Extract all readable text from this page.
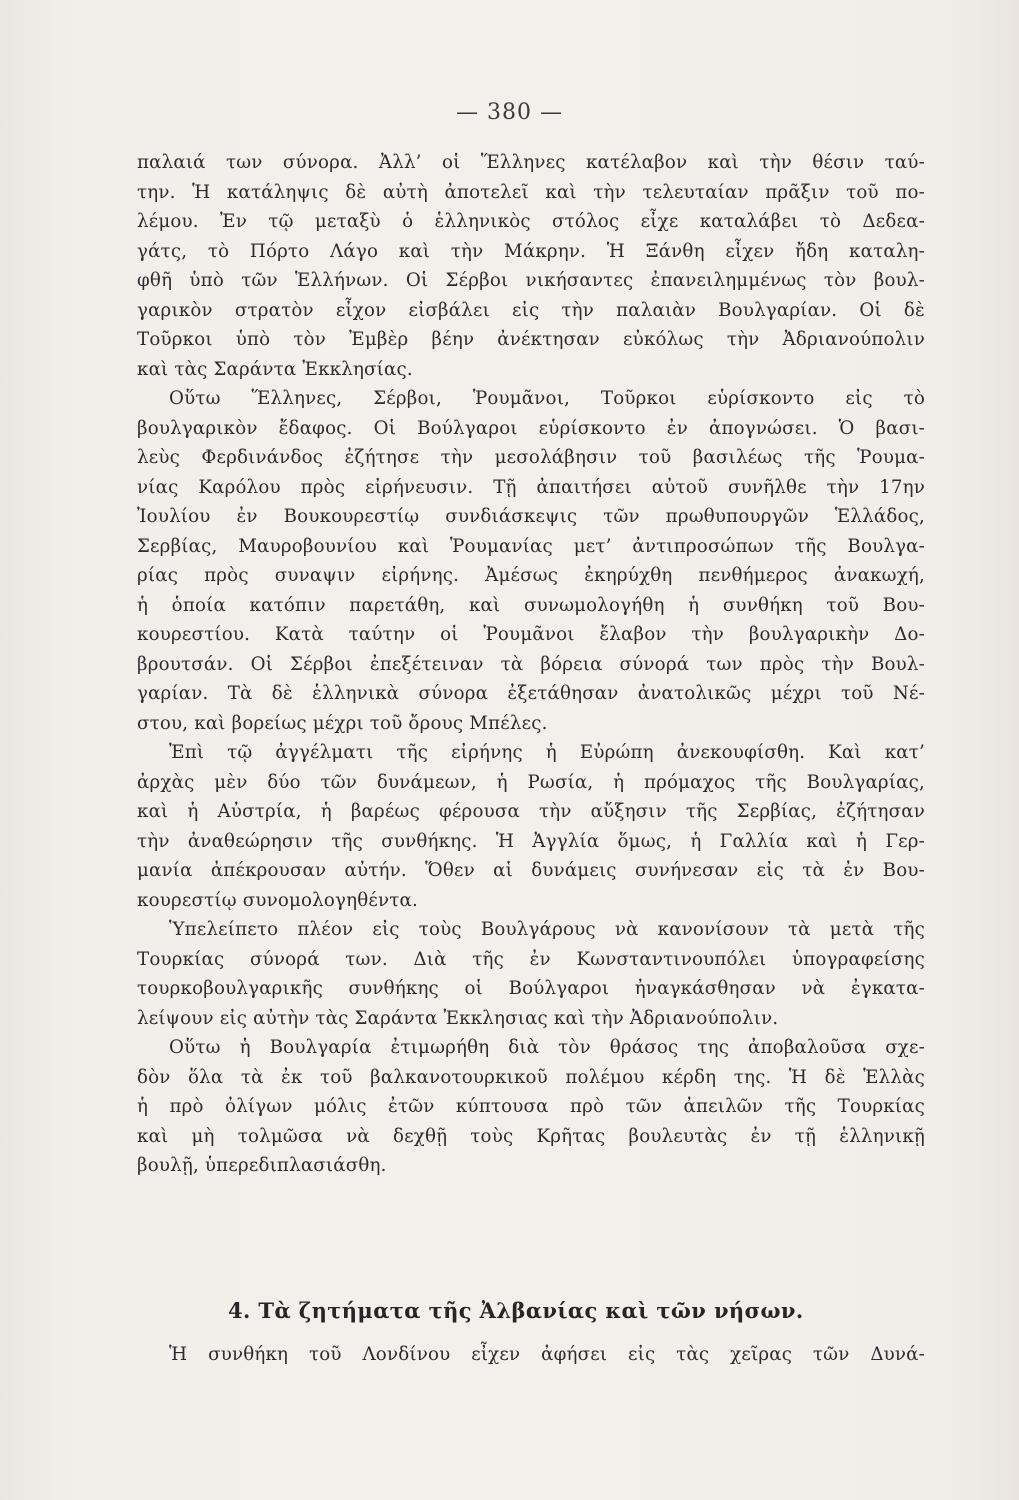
— 380 —
παλαιά των σύνορα. Ἀλλ’ οἱ Ἕλληνες κατέλαβον καὶ τὴν θέσιν ταύ-
την. Ἡ κατάληψις δὲ αὐτὴ ἀποτελεῖ καὶ τὴν τελευταίαν πρᾶξιν τοῦ πο-
λέμου. Ἐν τῷ μεταξὺ ὁ ἑλληνικὸς στόλος εἶχε καταλάβει τὸ Δεδεα-
γάτς, τὸ Πόρτο Λάγο καὶ τὴν Μάκρην. Ἡ Ξάνθη εἶχεν ἤδη καταλη-
φθῆ ὑπὸ τῶν Ἑλλήνων. Οἱ Σέρβοι νικήσαντες ἐπανειλημμένως τὸν βουλ-
γαρικὸν στρατὸν εἶχον εἰσβάλει εἰς τὴν παλαιὰν Βουλγαρίαν. Οἱ δὲ
Τοῦρκοι ὑπὸ τὸν Ἐμβὲρ βέην ἀνέκτησαν εὐκόλως τὴν Ἀδριανούπολιν
καὶ τὰς Σαράντα Ἐκκλησίας.
Οὕτω Ἕλληνες, Σέρβοι, Ῥουμᾶνοι, Τοῦρκοι εὑρίσκοντο εἰς τὸ
βουλγαρικὸν ἔδαφος. Οἱ Βούλγαροι εὑρίσκοντο ἐν ἀπογνώσει. Ὁ βασι-
λεὺς Φερδινάνδος ἐζήτησε τὴν μεσολάβησιν τοῦ βασιλέως τῆς Ῥουμα-
νίας Καρόλου πρὸς εἰρήνευσιν. Τῇ ἀπαιτήσει αὐτοῦ συνῆλθε τὴν 17ην
Ἰουλίου ἐν Βουκουρεστίῳ συνδιάσκεψις τῶν πρωθυπουργῶν Ἑλλάδος,
Σερβίας, Μαυροβουνίου καὶ Ῥουμανίας μετ’ ἀντιπροσώπων τῆς Βουλγα-
ρίας πρὸς συναψιν εἰρήνης. Ἀμέσως ἐκηρύχθη πενθήμερος ἀνακωχή,
ἡ ὁποία κατόπιν παρετάθη, καὶ συνωμολογήθη ἡ συνθήκη τοῦ Βου-
κουρεστίου. Κατὰ ταύτην οἱ Ῥουμᾶνοι ἔλαβον τὴν βουλγαρικὴν Δο-
βρουτσάν. Οἱ Σέρβοι ἐπεξέτειναν τὰ βόρεια σύνορά των πρὸς τὴν Βουλ-
γαρίαν. Τὰ δὲ ἑλληνικὰ σύνορα ἐξετάθησαν ἀνατολικῶς μέχρι τοῦ Νέ-
στου, καὶ βορείως μέχρι τοῦ ὄρους Μπέλες.
Ἐπὶ τῷ ἀγγέλματι τῆς εἰρήνης ἡ Εὐρώπη ἀνεκουφίσθη. Καὶ κατ’
ἀρχὰς μὲν δύο τῶν δυνάμεων, ἡ Ρωσία, ἡ πρόμαχος τῆς Βουλγαρίας,
καὶ ἡ Αὐστρία, ἡ βαρέως φέρουσα τὴν αὔξησιν τῆς Σερβίας, ἐζήτησαν
τὴν ἀναθεώρησιν τῆς συνθήκης. Ἡ Ἀγγλία ὅμως, ἡ Γαλλία καὶ ἡ Γερ-
μανία ἀπέκρουσαν αὐτήν. Ὅθεν αἱ δυνάμεις συνήνεσαν εἰς τὰ ἐν Βου-
κουρεστίῳ συνομολογηθέντα.
Ὑπελείπετο πλέον εἰς τοὺς Βουλγάρους νὰ κανονίσουν τὰ μετὰ τῆς
Τουρκίας σύνορά των. Διὰ τῆς ἐν Κωνσταντινουπόλει ὑπογραφείσης
τουρκοβουλγαρικῆς συνθήκης οἱ Βούλγαροι ἠναγκάσθησαν νὰ ἐγκατα-
λείψουν εἰς αὐτὴν τὰς Σαράντα Ἐκκλησιας καὶ τὴν Ἀδριανούπολιν.
Οὕτω ἡ Βουλγαρία ἐτιμωρήθη διὰ τὸν θράσος της ἀποβαλοῦσα σχε-
δὸν ὅλα τὰ ἐκ τοῦ βαλκανοτουρκικοῦ πολέμου κέρδη της. Ἡ δὲ Ἑλλὰς
ἡ πρὸ ὀλίγων μόλις ἐτῶν κύπτουσα πρὸ τῶν ἀπειλῶν τῆς Τουρκίας
καὶ μὴ τολμῶσα νὰ δεχθῇ τοὺς Κρῆτας βουλευτὰς ἐν τῇ ἑλληνικῇ
βουλῇ, ὑπερεδιπλασιάσθη.
4. Τὰ ζητήματα τῆς Ἀλβανίας καὶ τῶν νήσων.
Ἡ συνθήκη τοῦ Λονδίνου εἶχεν ἀφήσει εἰς τὰς χεῖρας τῶν Δυνά-
